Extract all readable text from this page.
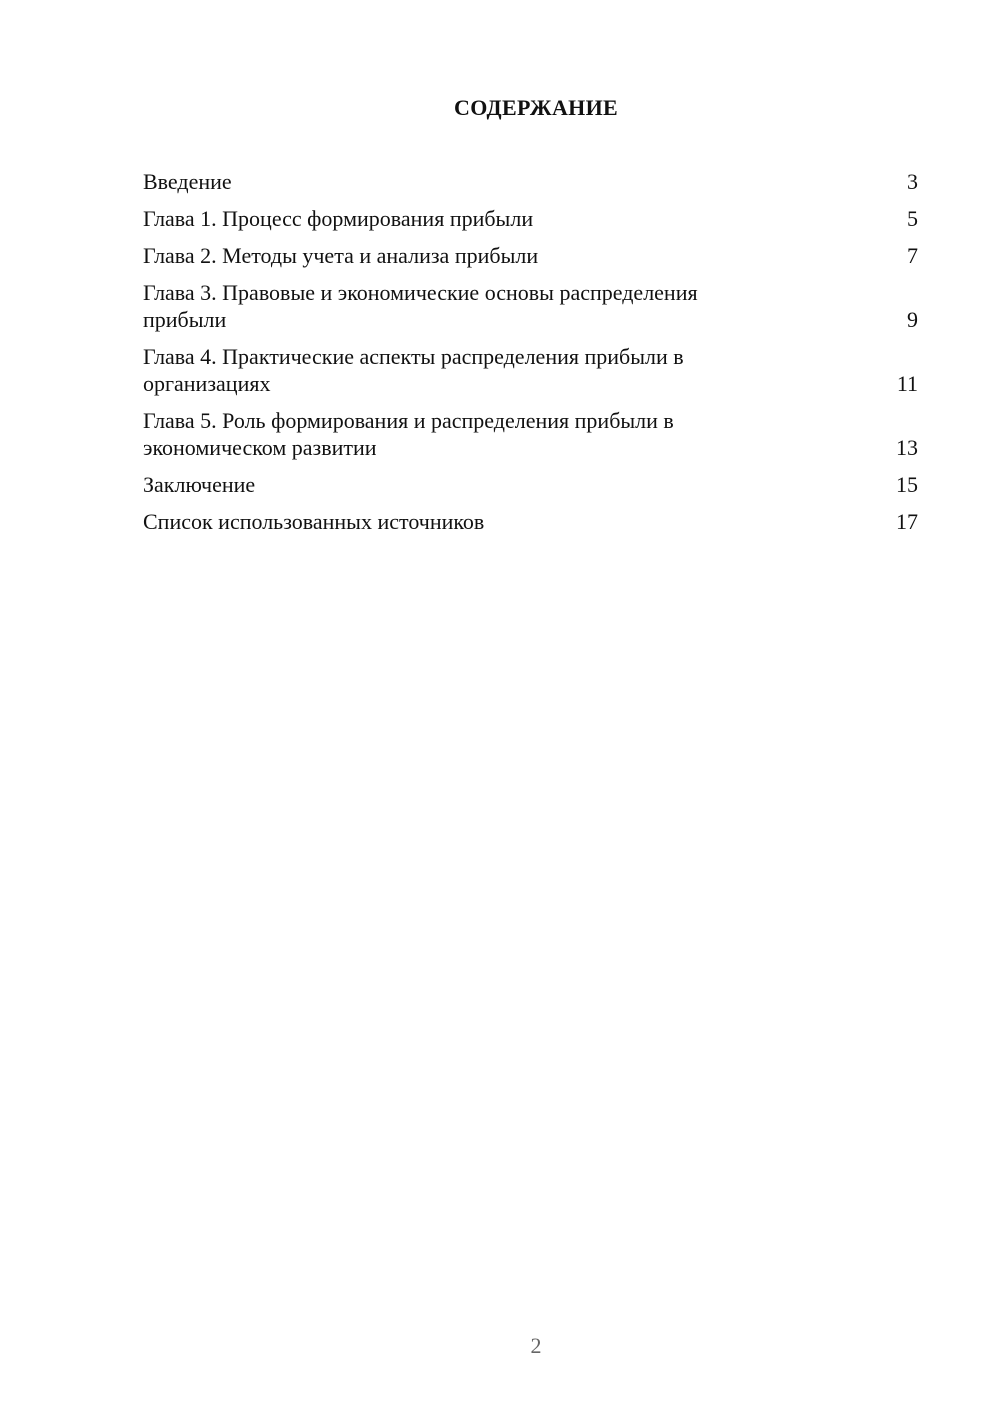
СОДЕРЖАНИЕ
Введение	3
Глава 1. Процесс формирования прибыли	5
Глава 2. Методы учета и анализа прибыли	7
Глава 3. Правовые и экономические основы распределения прибыли	9
Глава 4. Практические аспекты распределения прибыли в организациях	11
Глава 5. Роль формирования и распределения прибыли в экономическом развитии	13
Заключение	15
Список использованных источников	17
2
